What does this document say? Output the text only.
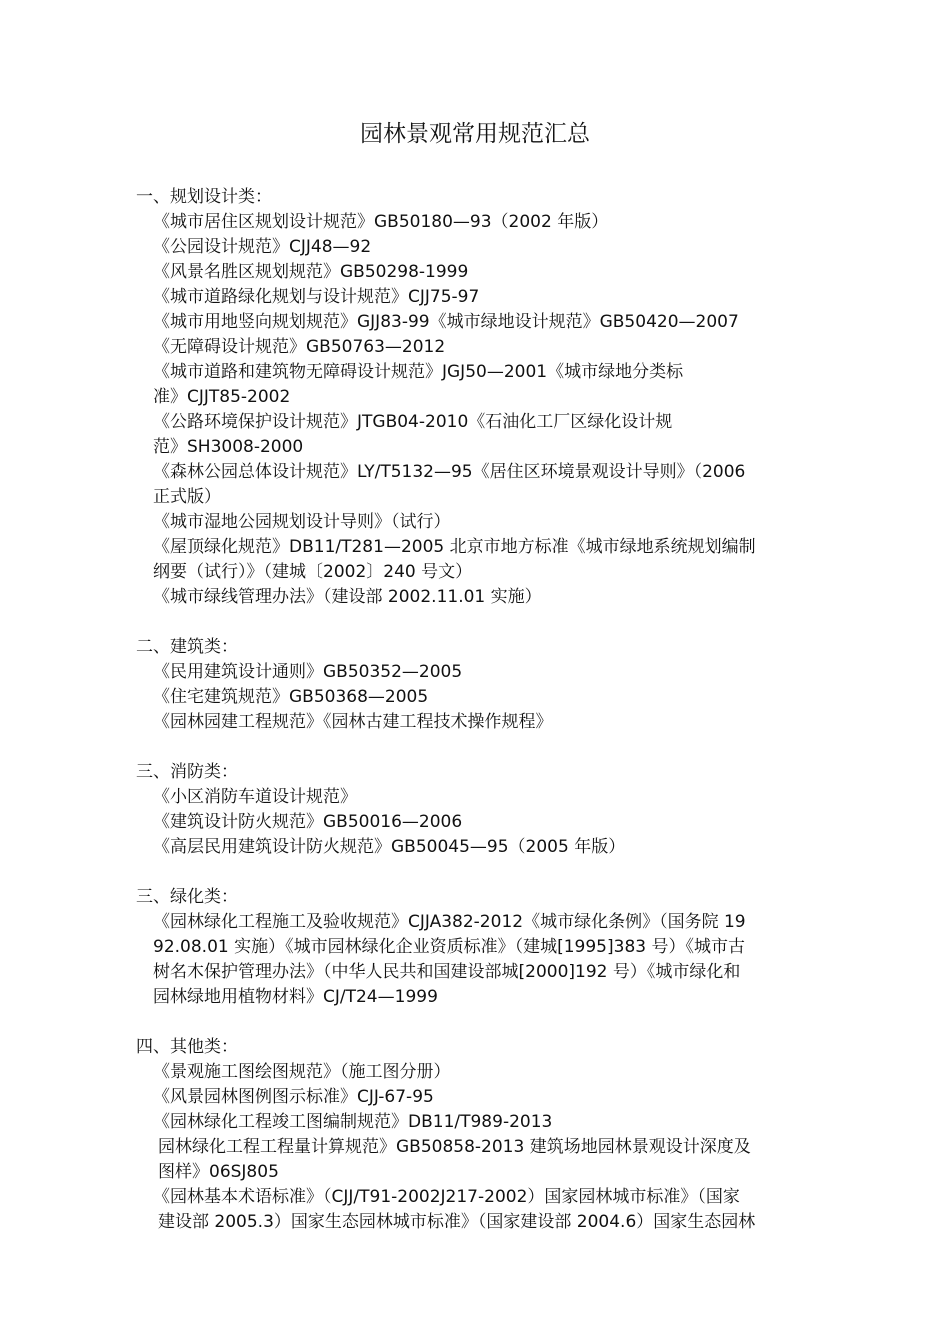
园林景观常用规范汇总
一、规划设计类：
《城市居住区规划设计规范》GB50180—93（2002 年版）
《公园设计规范》CJJ48—92
《风景名胜区规划规范》GB50298-1999
《城市道路绿化规划与设计规范》CJJ75-97
《城市用地竖向规划规范》GJJ83-99《城市绿地设计规范》GB50420—2007
《无障碍设计规范》GB50763—2012
《城市道路和建筑物无障碍设计规范》JGJ50—2001《城市绿地分类标
准》CJJT85-2002
《公路环境保护设计规范》JTGB04-2010《石油化工厂区绿化设计规
范》SH3008-2000
《森林公园总体设计规范》LY/T5132—95《居住区环境景观设计导则》（2006
正式版）
《城市湿地公园规划设计导则》（试行）
《屋顶绿化规范》DB11/T281—2005 北京市地方标准《城市绿地系统规划编制
纲要（试行）》（建城〔2002〕240 号文）
《城市绿线管理办法》（建设部 2002.11.01 实施）
二、建筑类：
《民用建筑设计通则》GB50352—2005
《住宅建筑规范》GB50368—2005
《园林园建工程规范》《园林古建工程技术操作规程》
三、消防类：
《小区消防车道设计规范》
《建筑设计防火规范》GB50016—2006
《高层民用建筑设计防火规范》GB50045—95（2005 年版）
三、绿化类：
《园林绿化工程施工及验收规范》CJJA382-2012《城市绿化条例》（国务院 19
92.08.01 实施）《城市园林绿化企业资质标准》（建城[1995]383 号）《城市古
树名木保护管理办法》（中华人民共和国建设部城[2000]192 号）《城市绿化和
园林绿地用植物材料》CJ/T24—1999
四、其他类：
《景观施工图绘图规范》（施工图分册）
《风景园林图例图示标准》CJJ-67-95
《园林绿化工程竣工图编制规范》DB11/T989-2013
园林绿化工程工程量计算规范》GB50858-2013 建筑场地园林景观设计深度及
图样》06SJ805
《园林基本术语标准》（CJJ/T91-2002J217-2002）国家园林城市标准》（国家
建设部 2005.3）国家生态园林城市标准》（国家建设部 2004.6）国家生态园林
